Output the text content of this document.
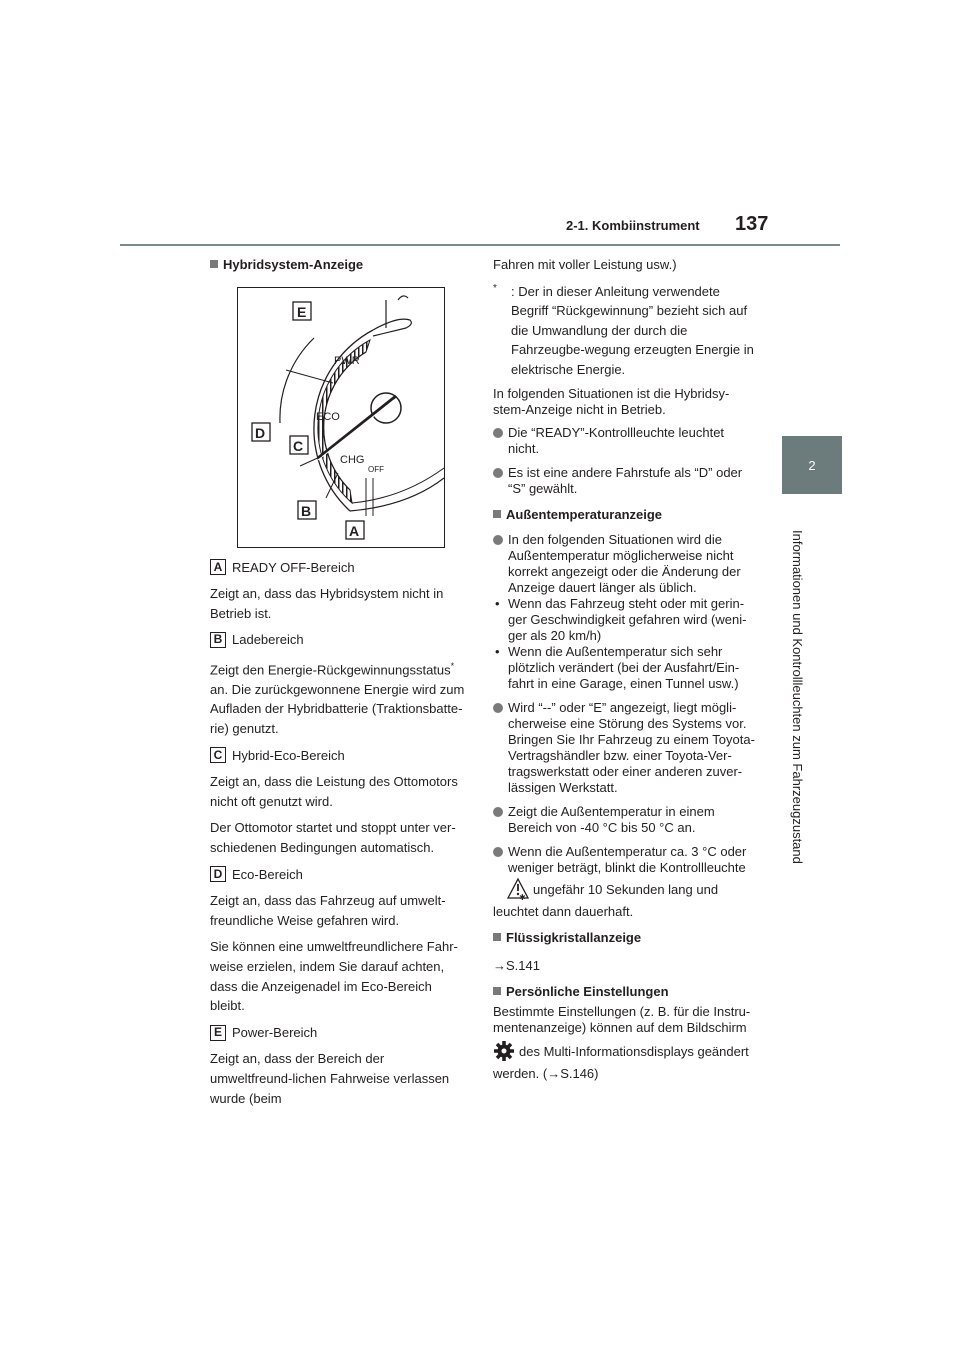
2-1. Kombiinstrument 137
2
Informationen und Kontrollleuchten zum Fahrzeugzustand
Hybridsystem-Anzeige
PWR
ECO
CHG
OFF
E
D
C
B
A
A READY OFF-Bereich

Zeigt an, dass das Hybridsystem nicht in Betrieb ist.

B Ladebereich

Zeigt den Energie-Rückgewinnungsstatus*
an. Die zurückgewonnene Energie wird zum Aufladen der Hybridbatterie (Traktionsbatte-rie) genutzt.

C Hybrid-Eco-Bereich

Zeigt an, dass die Leistung des Ottomotors nicht oft genutzt wird.

Der Ottomotor startet und stoppt unter ver-schiedenen Bedingungen automatisch.

D Eco-Bereich

Zeigt an, dass das Fahrzeug auf umwelt-freundliche Weise gefahren wird.

Sie können eine umweltfreundlichere Fahr-weise erzielen, indem Sie darauf achten, dass die Anzeigenadel im Eco-Bereich bleibt.

E Power-Bereich

Zeigt an, dass der Bereich der umweltfreund-lichen Fahrweise verlassen wurde (beim

Fahren mit voller Leistung usw.)

* : Der in dieser Anleitung verwendete Begriff “Rückgewinnung” bezieht sich auf die Umwandlung der durch die Fahrzeugbe-wegung erzeugten Energie in elektrische Energie.

In folgenden Situationen ist die Hybridsy-stem-Anzeige nicht in Betrieb.

Die “READY”-Kontrollleuchte leuchtet nicht.
Es ist eine andere Fahrstufe als “D” oder “S” gewählt.
Außentemperaturanzeige
In den folgenden Situationen wird die Außentemperatur möglicherweise nicht korrekt angezeigt oder die Änderung der Anzeige dauert länger als üblich.
• Wenn das Fahrzeug steht oder mit gerin-ger Geschwindigkeit gefahren wird (weni-ger als 20 km/h)
• Wenn die Außentemperatur sich sehr plötzlich verändert (bei der Ausfahrt/Ein-fahrt in eine Garage, einen Tunnel usw.)
Wird “--” oder “E” angezeigt, liegt mögli-cherweise eine Störung des Systems vor. Bringen Sie Ihr Fahrzeug zu einem Toyota-Vertragshändler bzw. einer Toyota-Ver-tragswerkstatt oder einer anderen zuver-lässigen Werkstatt.
Zeigt die Außentemperatur in einem Bereich von -40 °C bis 50 °C an.
Wenn die Außentemperatur ca. 3 °C oder weniger beträgt, blinkt die Kontrollleuchte

✱
ungefähr 10 Sekunden lang und leuchtet dann dauerhaft.

Flüssigkristallanzeige

→S.141

Persönliche Einstellungen

Bestimmte Einstellungen (z. B. für die Instru-mentenanzeige) können auf dem Bildschirm

des Multi-Informationsdisplays geändert werden. (→S.146)
